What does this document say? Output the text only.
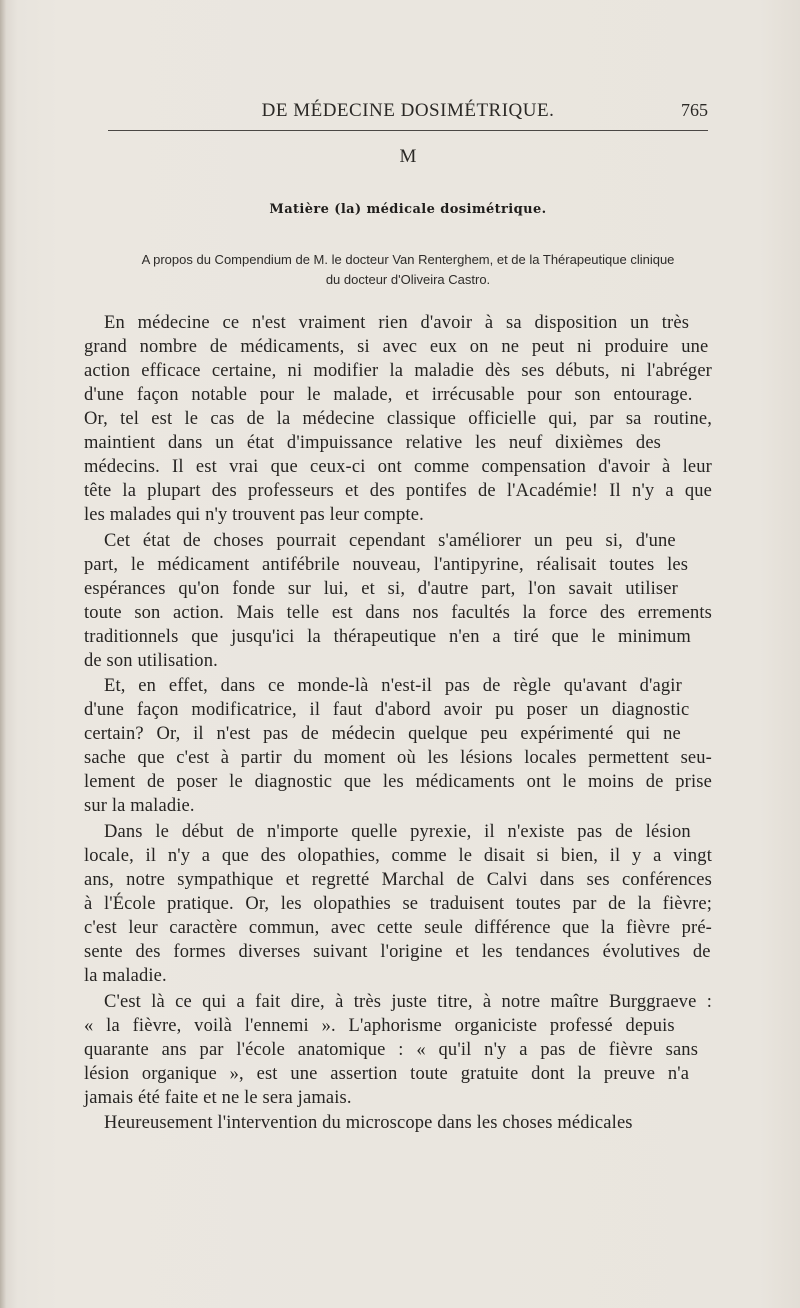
DE MÉDECINE DOSIMÉTRIQUE.	765
M
Matière (la) médicale dosimétrique.
A propos du Compendium de M. le docteur Van Renterghem, et de la Thérapeutique clinique
du docteur d'Oliveira Castro.
En médecine ce n'est vraiment rien d'avoir à sa disposition un très
grand nombre de médicaments, si avec eux on ne peut ni produire une
action efficace certaine, ni modifier la maladie dès ses débuts, ni l'abréger
d'une façon notable pour le malade, et irrécusable pour son entourage.
Or, tel est le cas de la médecine classique officielle qui, par sa routine,
maintient dans un état d'impuissance relative les neuf dixièmes des
médecins. Il est vrai que ceux-ci ont comme compensation d'avoir à leur
tête la plupart des professeurs et des pontifes de l'Académie! Il n'y a que
les malades qui n'y trouvent pas leur compte.
Cet état de choses pourrait cependant s'améliorer un peu si, d'une
part, le médicament antifébrile nouveau, l'antipyrine, réalisait toutes les
espérances qu'on fonde sur lui, et si, d'autre part, l'on savait utiliser
toute son action. Mais telle est dans nos facultés la force des errements
traditionnels que jusqu'ici la thérapeutique n'en a tiré que le minimum
de son utilisation.
Et, en effet, dans ce monde-là n'est-il pas de règle qu'avant d'agir
d'une façon modificatrice, il faut d'abord avoir pu poser un diagnostic
certain? Or, il n'est pas de médecin quelque peu expérimenté qui ne
sache que c'est à partir du moment où les lésions locales permettent seu-
lement de poser le diagnostic que les médicaments ont le moins de prise
sur la maladie.
Dans le début de n'importe quelle pyrexie, il n'existe pas de lésion
locale, il n'y a que des olopathies, comme le disait si bien, il y a vingt
ans, notre sympathique et regretté Marchal de Calvi dans ses conférences
à l'École pratique. Or, les olopathies se traduisent toutes par de la fièvre;
c'est leur caractère commun, avec cette seule différence que la fièvre pré-
sente des formes diverses suivant l'origine et les tendances évolutives de
la maladie.
C'est là ce qui a fait dire, à très juste titre, à notre maître Burggraeve :
« la fièvre, voilà l'ennemi ». L'aphorisme organiciste professé depuis
quarante ans par l'école anatomique : « qu'il n'y a pas de fièvre sans
lésion organique », est une assertion toute gratuite dont la preuve n'a
jamais été faite et ne le sera jamais.
Heureusement l'intervention du microscope dans les choses médicales
